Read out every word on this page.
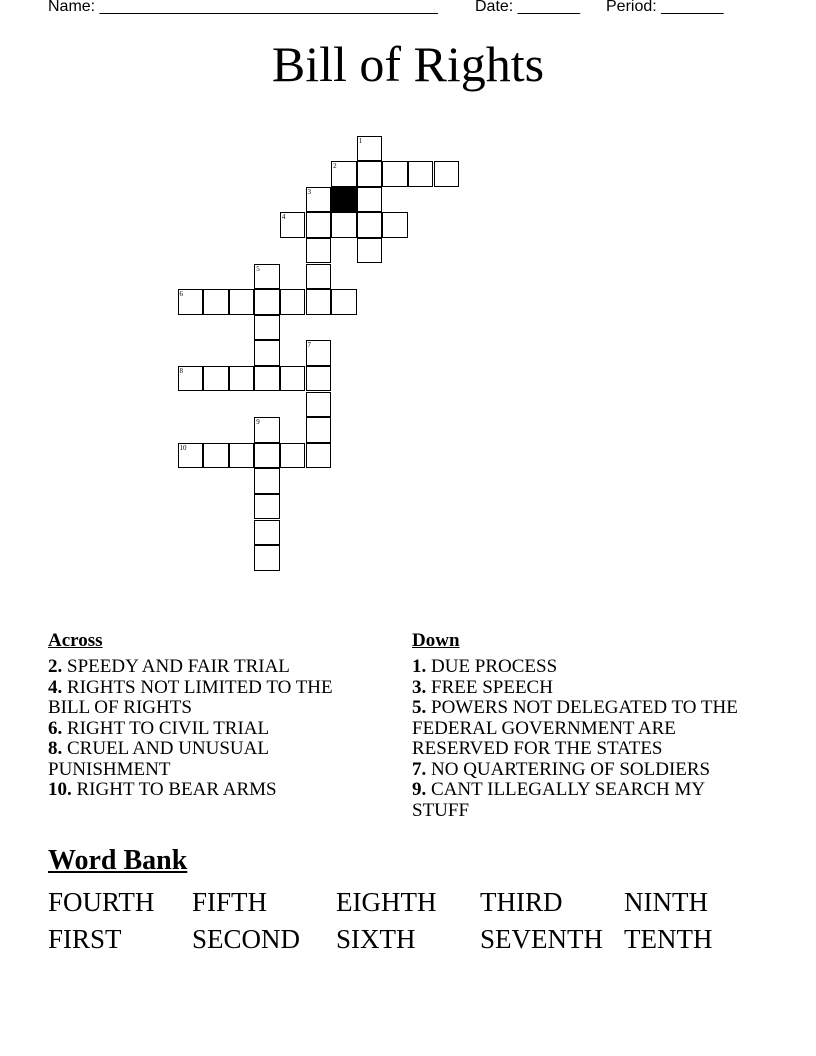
Name: ______________________________________ Date: _______ Period: _______
Bill of Rights
1
2
3
4
5
6
7
8
9
10
Across
2. SPEEDY AND FAIR TRIAL
4. RIGHTS NOT LIMITED TO THE BILL OF RIGHTS
6. RIGHT TO CIVIL TRIAL
8. CRUEL AND UNUSUAL PUNISHMENT
10. RIGHT TO BEAR ARMS
Down
1. DUE PROCESS
3. FREE SPEECH
5. POWERS NOT DELEGATED TO THE FEDERAL GOVERNMENT ARE RESERVED FOR THE STATES
7. NO QUARTERING OF SOLDIERS
9. CANT ILLEGALLY SEARCH MY STUFF
Word Bank
FOURTH	FIFTH	EIGHTH	THIRD	NINTH
FIRST	SECOND	SIXTH	SEVENTH TENTH
